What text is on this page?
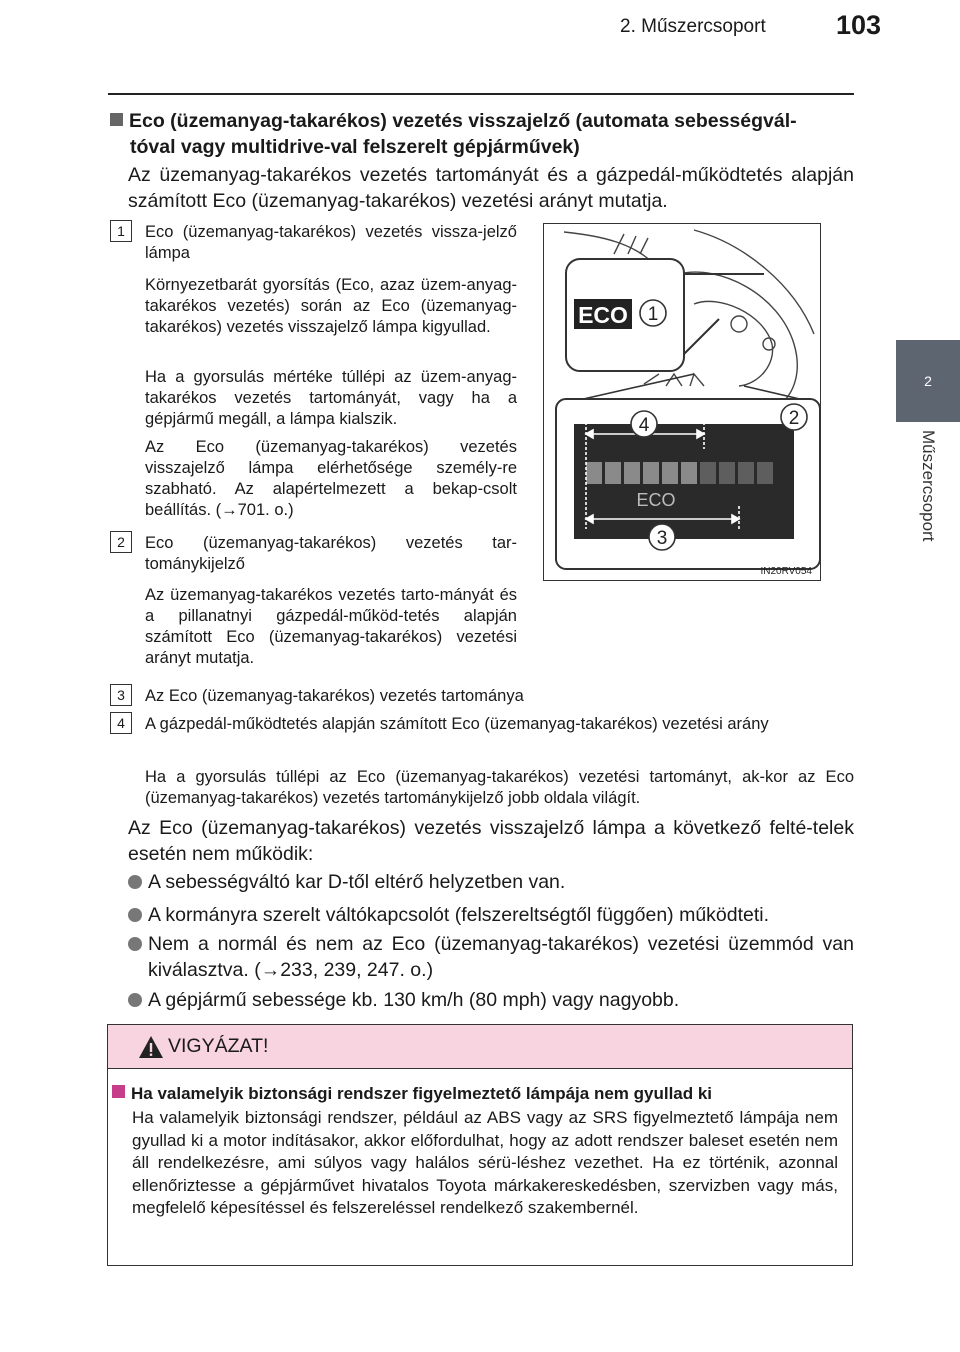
2. Műszercsoport	103
2
Műszercsoport
Eco (üzemanyag-takarékos) vezetés visszajelző (automata sebességvál-
tóval vagy multidrive-val felszerelt gépjárművek)
Az üzemanyag-takarékos vezetés tartományát és a gázpedál-működtetés alapján számított Eco (üzemanyag-takarékos) vezetési arányt mutatja.
1	Eco (üzemanyag-takarékos) vezetés vissza-jelző lámpa
Környezetbarát gyorsítás (Eco, azaz üzem-anyag-takarékos vezetés) során az Eco (üzemanyag-takarékos) vezetés visszajelző lámpa kigyullad.
Ha a gyorsulás mértéke túllépi az üzem-anyag-takarékos vezetés tartományát, vagy ha a gépjármű megáll, a lámpa kialszik.
Az Eco (üzemanyag-takarékos) vezetés visszajelző lámpa elérhetősége személy-re szabható. Az alapértelmezett a bekap-csolt beállítás. (→701. o.)
2	Eco (üzemanyag-takarékos) vezetés tar-tománykijelző
Az üzemanyag-takarékos vezetés tarto-mányát és a pillanatnyi gázpedál-működ-tetés alapján számított Eco (üzemanyag-takarékos) vezetési arányt mutatja.
3	Az Eco (üzemanyag-takarékos) vezetés tartománya
4	A gázpedál-működtetés alapján számított Eco (üzemanyag-takarékos) vezetési arány
Ha a gyorsulás túllépi az Eco (üzemanyag-takarékos) vezetési tartományt, ak-kor az Eco (üzemanyag-takarékos) vezetés tartománykijelző jobb oldala világít.
Az Eco (üzemanyag-takarékos) vezetés visszajelző lámpa a következő felté-telek esetén nem működik:
A sebességváltó kar D-től eltérő helyzetben van.
A kormányra szerelt váltókapcsolót (felszereltségtől függően) működteti.
Nem a normál és nem az Eco (üzemanyag-takarékos) vezetési üzemmód van kiválasztva. (→233, 239, 247. o.)
A gépjármű sebessége kb. 130 km/h (80 mph) vagy nagyobb.
ECO 1
ECO
4	2
3
IN20RV054
VIGYÁZAT!
Ha valamelyik biztonsági rendszer figyelmeztető lámpája nem gyullad ki
Ha valamelyik biztonsági rendszer, például az ABS vagy az SRS figyelmeztető lámpája nem gyullad ki a motor indításakor, akkor előfordulhat, hogy az adott rendszer baleset esetén nem áll rendelkezésre, ami súlyos vagy halálos sérü-léshez vezethet. Ha ez történik, azonnal ellenőriztesse a gépjárművet hivatalos Toyota márkakereskedésben, szervizben vagy más, megfelelő képesítéssel és felszereléssel rendelkező szakembernél.
